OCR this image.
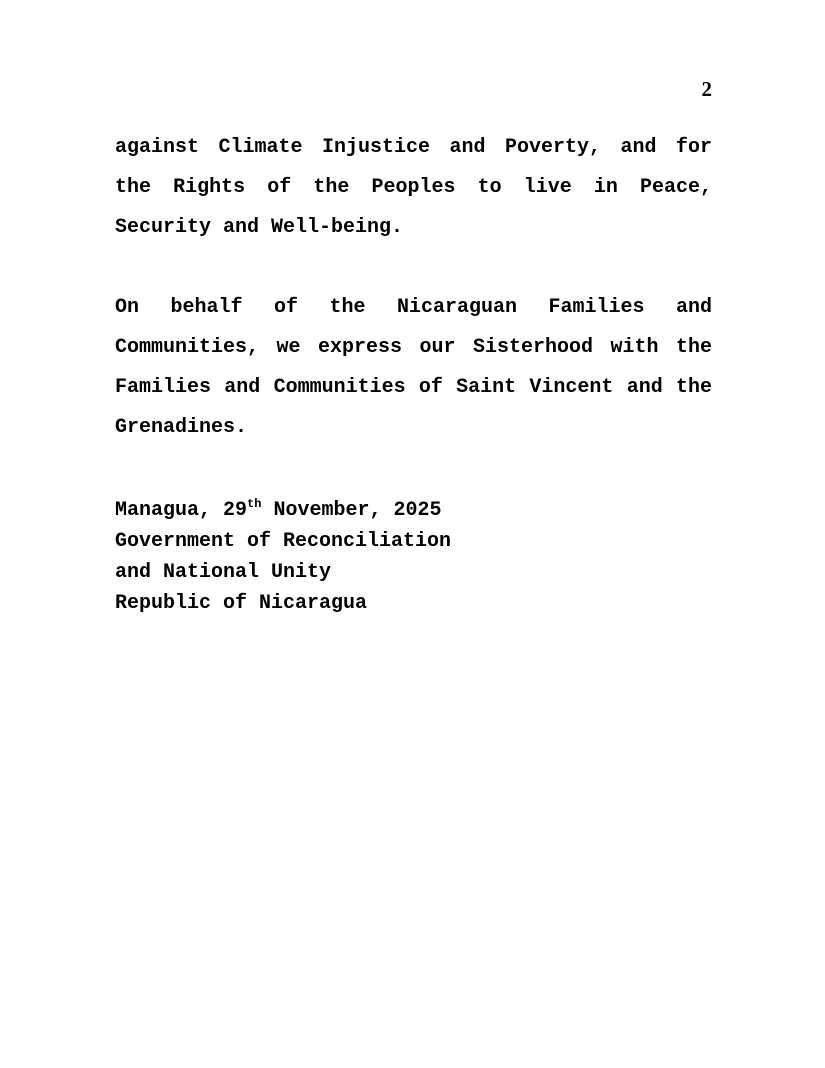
2

against Climate Injustice and Poverty, and for the Rights of the Peoples to live in Peace, Security and Well-being.

On behalf of the Nicaraguan Families and Communities, we express our Sisterhood with the Families and Communities of Saint Vincent and the Grenadines.

Managua, 29th November, 2025
Government of Reconciliation
and National Unity
Republic of Nicaragua
